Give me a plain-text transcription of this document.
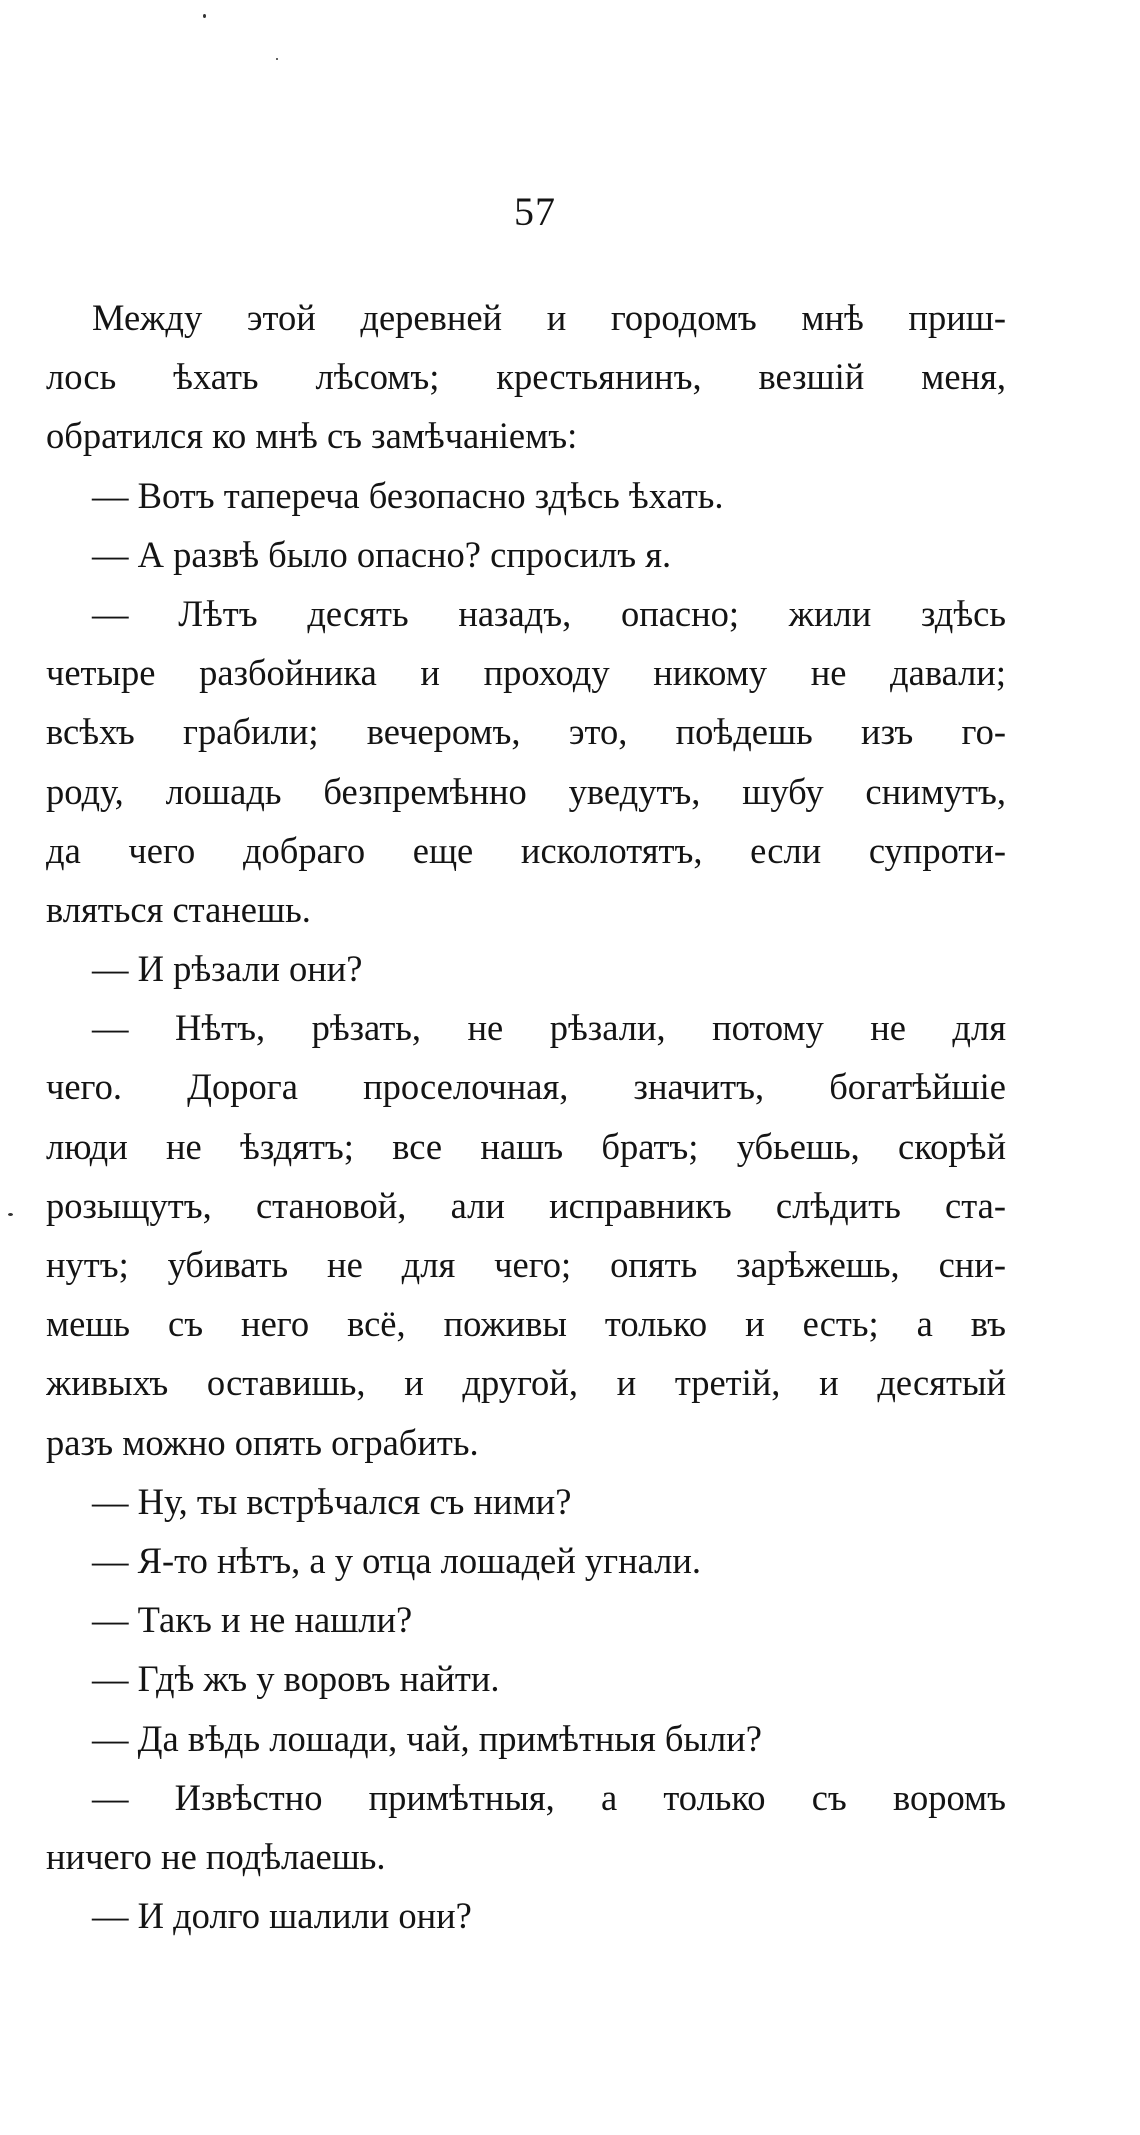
57
Между этой деревней и городомъ мнѣ приш-
лось ѣхать лѣсомъ; крестьянинъ, везшій меня,
обратился ко мнѣ съ замѣчаніемъ:
— Вотъ тапереча безопасно здѣсь ѣхать.
— А развѣ было опасно? спросилъ я.
— Лѣтъ десять назадъ, опасно; жили здѣсь
четыре разбойника и проходу никому не давали;
всѣхъ грабили; вечеромъ, это, поѣдешь изъ го-
роду, лошадь безпремѣнно уведутъ, шубу снимутъ,
да чего добраго еще исколотятъ, если супроти-
вляться станешь.
— И рѣзали они?
— Нѣтъ, рѣзать, не рѣзали, потому не для
чего. Дорога проселочная, значитъ, богатѣйшіе
люди не ѣздятъ; все нашъ братъ; убьешь, скорѣй
розыщутъ, становой, али исправникъ слѣдить ста-
нутъ; убивать не для чего; опять зарѣжешь, сни-
мешь съ него всё, поживы только и есть; а въ
живыхъ оставишь, и другой, и третій, и десятый
разъ можно опять ограбить.
— Ну, ты встрѣчался съ ними?
— Я-то нѣтъ, а у отца лошадей угнали.
— Такъ и не нашли?
— Гдѣ жъ у воровъ найти.
— Да вѣдь лошади, чай, примѣтныя были?
— Извѣстно примѣтныя, а только съ воромъ
ничего не подѣлаешь.
— И долго шалили они?
